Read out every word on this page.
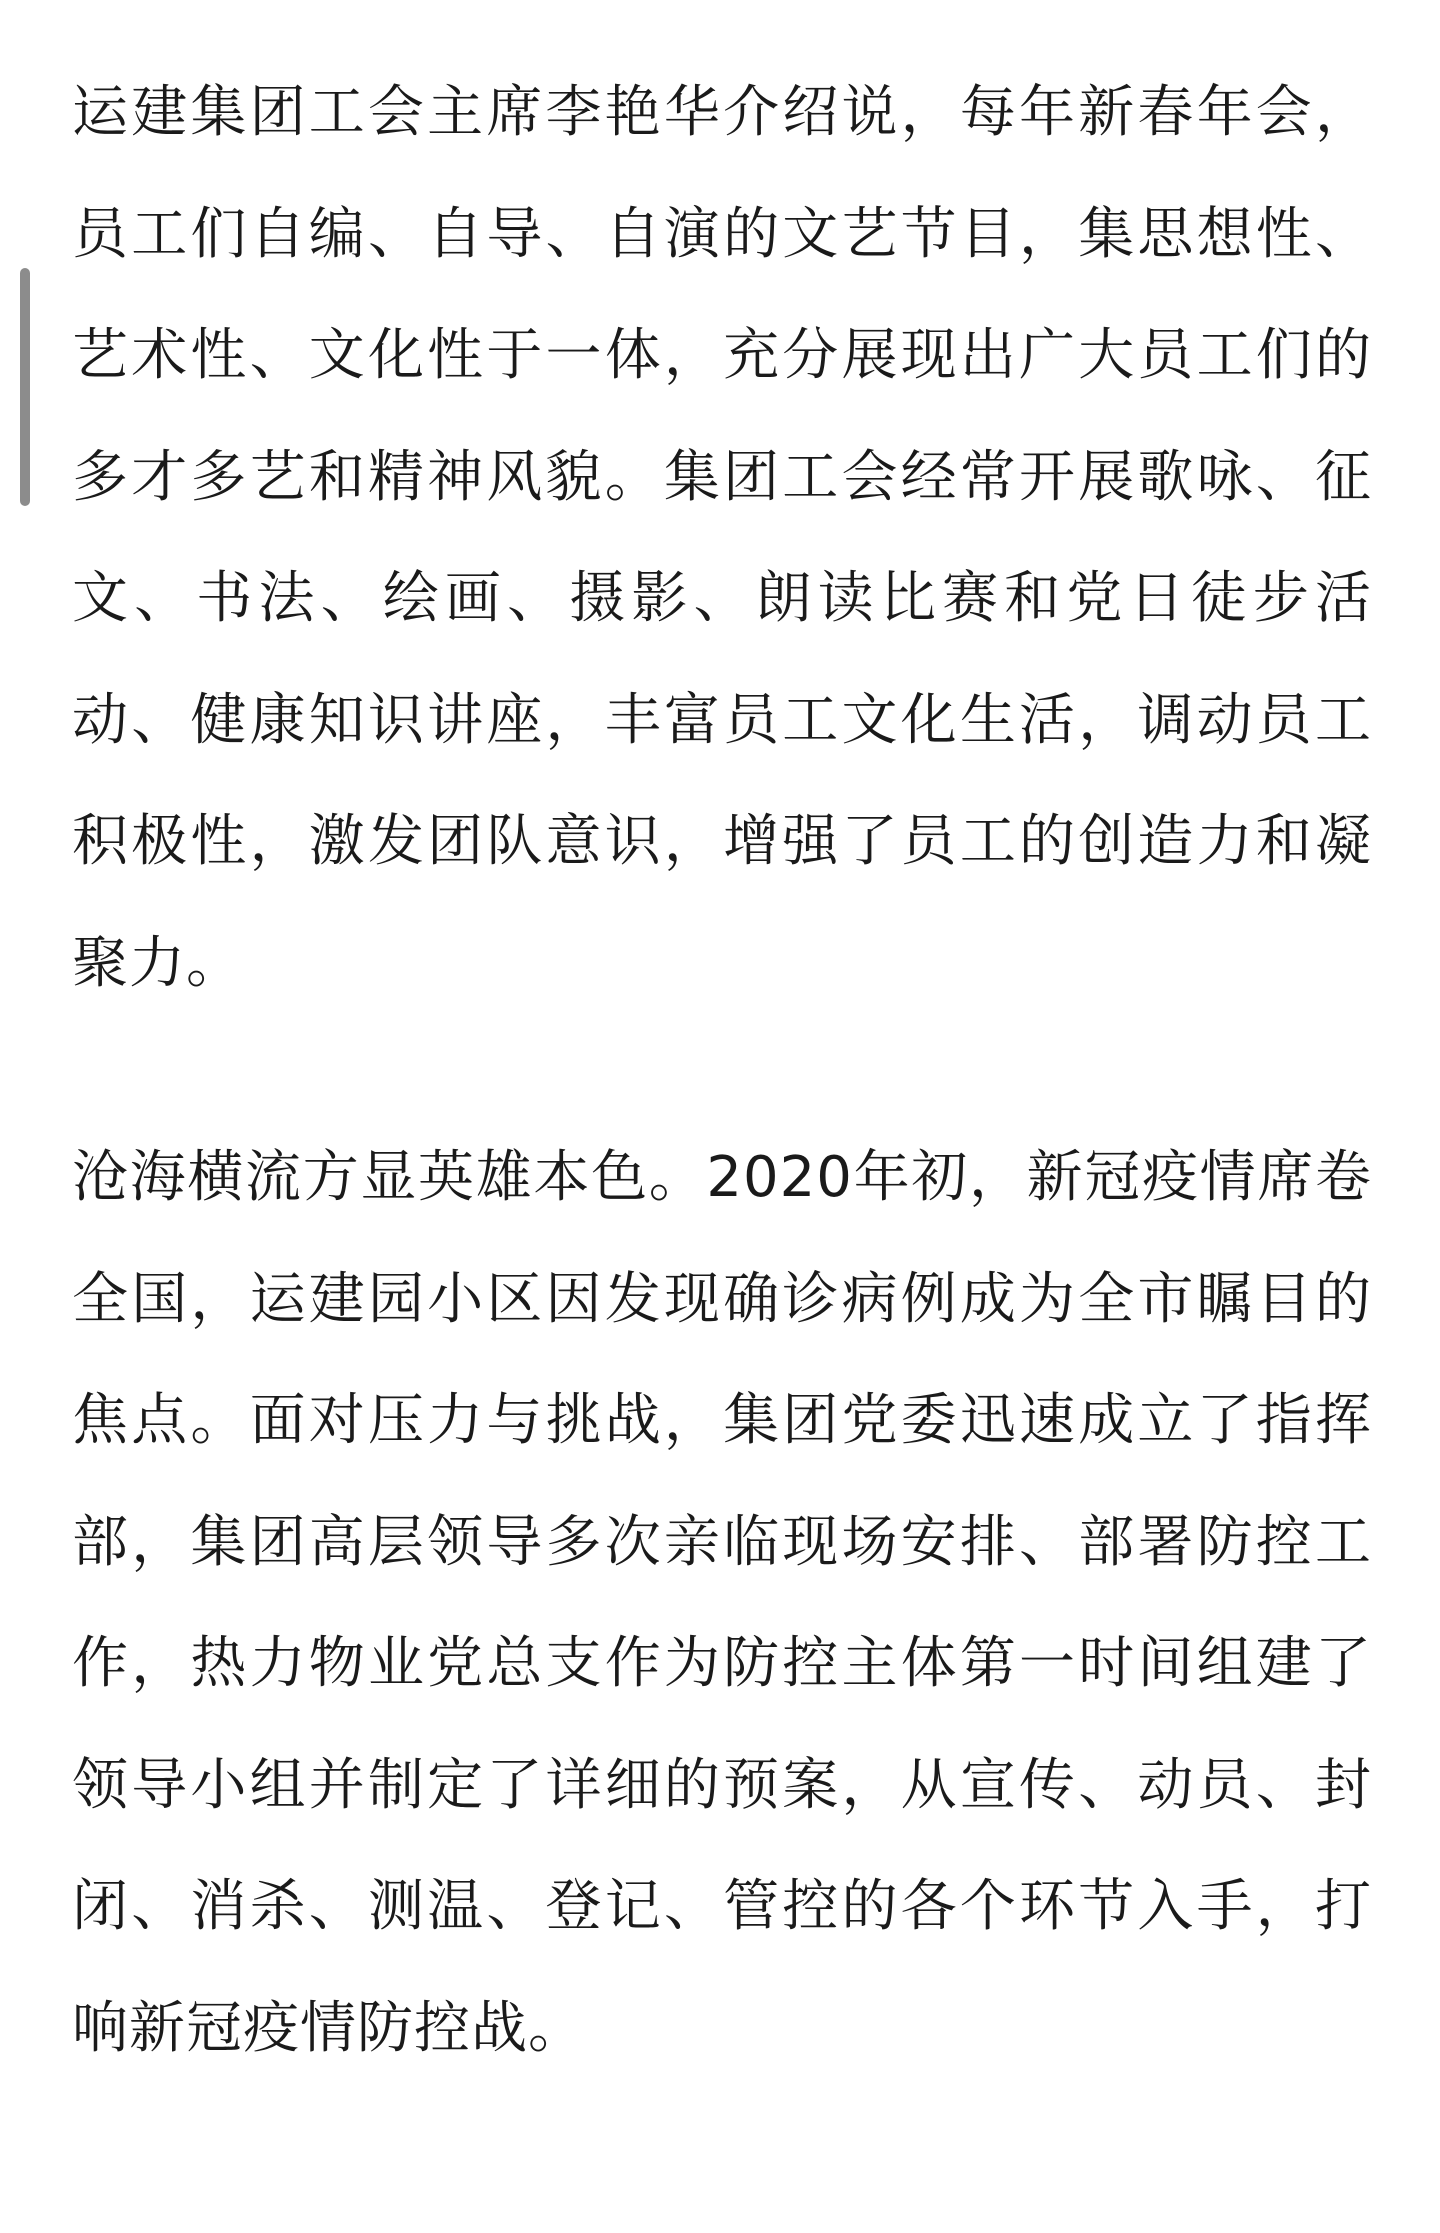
运建集团工会主席李艳华介绍说，每年新春年会，员工们自编、自导、自演的文艺节目，集思想性、艺术性、文化性于一体，充分展现出广大员工们的多才多艺和精神风貌。集团工会经常开展歌咏、征文、书法、绘画、摄影、朗读比赛和党日徒步活动、健康知识讲座，丰富员工文化生活，调动员工积极性，激发团队意识，增强了员工的创造力和凝聚力。

沧海横流方显英雄本色。2020年初，新冠疫情席卷全国，运建园小区因发现确诊病例成为全市瞩目的焦点。面对压力与挑战，集团党委迅速成立了指挥部，集团高层领导多次亲临现场安排、部署防控工作，热力物业党总支作为防控主体第一时间组建了领导小组并制定了详细的预案，从宣传、动员、封闭、消杀、测温、登记、管控的各个环节入手，打响新冠疫情防控战。
